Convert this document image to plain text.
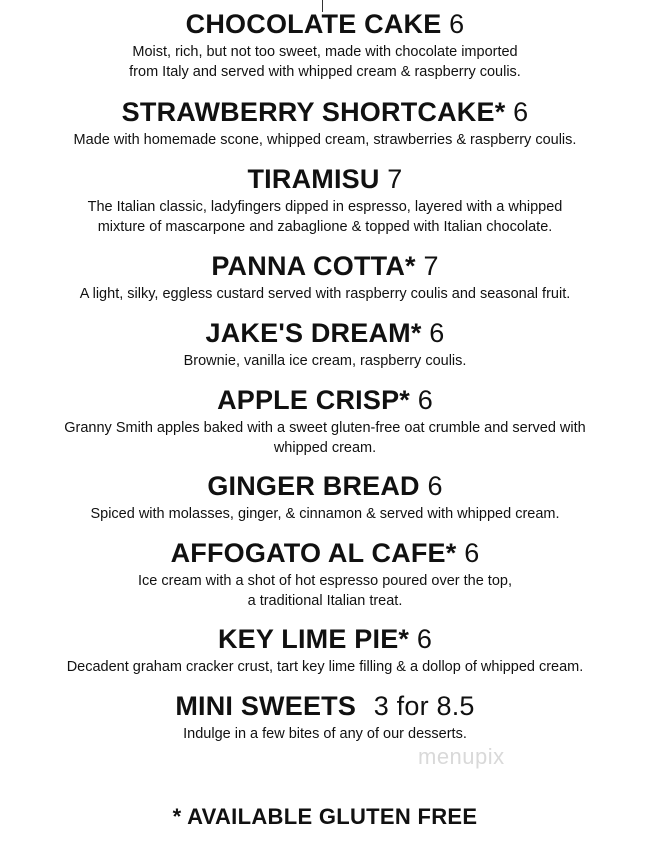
CHOCOLATE CAKE 6
Moist, rich, but not too sweet, made with chocolate imported
from Italy and served with whipped cream & raspberry coulis.
STRAWBERRY SHORTCAKE* 6
Made with homemade scone, whipped cream, strawberries & raspberry coulis.
TIRAMISU 7
The Italian classic, ladyfingers dipped in espresso, layered with a whipped
mixture of mascarpone and zabaglione & topped with Italian chocolate.
PANNA COTTA* 7
A light, silky, eggless custard served with raspberry coulis and seasonal fruit.
JAKE'S DREAM* 6
Brownie, vanilla ice cream, raspberry coulis.
APPLE CRISP* 6
Granny Smith apples baked with a sweet gluten-free oat crumble and served with
whipped cream.
GINGER BREAD 6
Spiced with molasses, ginger, & cinnamon & served with whipped cream.
AFFOGATO AL CAFE* 6
Ice cream with a shot of hot espresso poured over the top,
a traditional Italian treat.
KEY LIME PIE* 6
Decadent graham cracker crust, tart key lime filling & a dollop of whipped cream.
MINI SWEETS 3 for 8.5
Indulge in a few bites of any of our desserts.
menupix
* AVAILABLE GLUTEN FREE
